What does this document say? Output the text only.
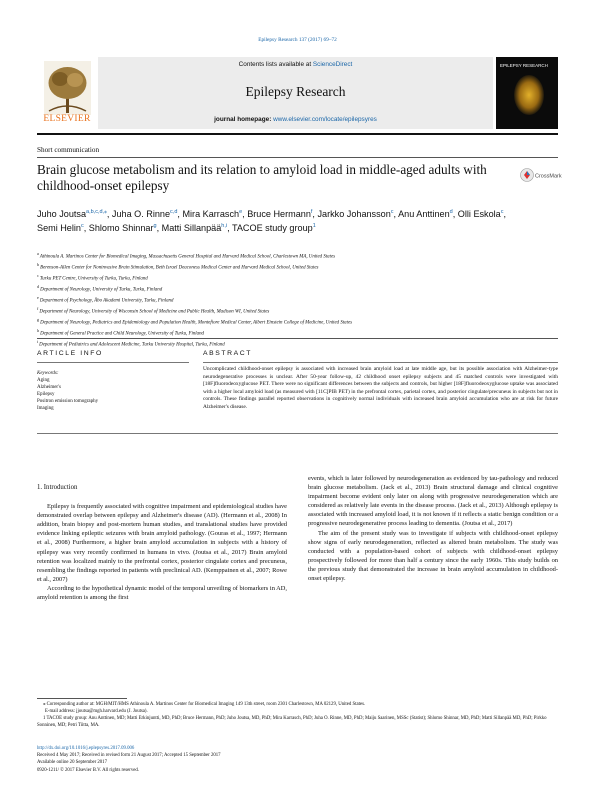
Epilepsy Research 137 (2017) 69–72
ELSEVIER
Contents lists available at ScienceDirect
Epilepsy Research
journal homepage: www.elsevier.com/locate/epilepsyres
EPILEPSY RESEARCH
Short communication
Brain glucose metabolism and its relation to amyloid load in middle-aged adults with childhood-onset epilepsy
CrossMark
Juho Joutsa$^{a,b,c,d,⁎}$, Juha O. Rinne$^{c,d}$, Mira Karrasch$^e$, Bruce Hermann$^f$, Jarkko Johansson$^c$, Anu Anttinen$^d$, Olli Eskola$^c$, Semi Helin$^c$, Shlomo Shinnar$^g$, Matti Sillanpää$^{h,i}$, TACOE study group$^1$
$^a$ Athinoula A. Martinos Center for Biomedical Imaging, Massachusetts General Hospital and Harvard Medical School, Charlestown MA, United States
$^b$ Berenson-Allen Center for Noninvasive Brain Stimulation, Beth Israel Deaconess Medical Center and Harvard Medical School, United States
$^c$ Turku PET Centre, University of Turku, Turku, Finland
$^d$ Department of Neurology, University of Turku, Turku, Finland
$^e$ Department of Psychology, Åbo Akademi University, Turku, Finland
$^f$ Department of Neurology, University of Wisconsin School of Medicine and Public Health, Madison WI, United States
$^g$ Department of Neurology, Pediatrics and Epidemiology and Population Health, Montefiore Medical Center, Albert Einstein College of Medicine, United States
$^h$ Department of General Practice and Child Neurology, University of Turku, Finland
$^i$ Department of Pediatrics and Adolescent Medicine, Turku University Hospital, Turku, Finland
ARTICLE INFO	ABSTRACT
Keywords:
Aging
Alzheimer's
Epilepsy
Positron emission tomography
Imaging
Uncomplicated childhood-onset epilepsy is associated with increased brain amyloid load at late middle age, but its possible association with Alzheimer-type neurodegenerative processes is unclear. After 50-year follow-up, 42 childhood onset epilepsy subjects and 45 matched controls were investigated with [18F]fluorodeoxyglucose PET. There were no significant differences between the subjects and controls, but higher [18F]fluorodeoxyglucose uptake was associated with a higher local amyloid load (as measured with [11C]PIB PET) in the prefrontal cortex, parietal cortex, and posterior cingulate/precuneus in subjects but not in controls. These findings parallel reported observations in cognitively normal individuals with increased brain amyloid accumulation who are at risk for future Alzheimer's disease.
1. Introduction

Epilepsy is frequently associated with cognitive impairment and epidemiological studies have demonstrated overlap between epilepsy and Alzheimer's disease (AD). (Hermann et al., 2008) In addition, brain biopsy and post-mortem human studies, and translational studies have provided evidence linking epileptic seizures with brain amyloid pathology. (Gouras et al., 1997; Hermann et al., 2008) Furthermore, a higher brain amyloid accumulation in subjects with a history of epilepsy was very recently confirmed in humans in vivo. (Joutsa et al., 2017) Brain amyloid retention was localized mainly to the prefrontal cortex, posterior cingulate cortex and precuneus, resembling the findings reported in patients with preclinical AD. (Kemppainen et al., 2007; Rowe et al., 2007)

According to the hypothetical dynamic model of the temporal unveiling of biomarkers in AD, amyloid retention is among the first

events, which is later followed by neurodegeneration as evidenced by tau-pathology and reduced brain glucose metabolism. (Jack et al., 2013) Brain structural damage and clinical cognitive impairment become evident only later on along with progressive neurodegeneration which are considered as relatively late events in the disease process. (Jack et al., 2013) Although epilepsy is associated with increased amyloid load, it is not known if it reflects a static benign condition or a progressive neurodegenerative process leading to dementia. (Joutsa et al., 2017)

The aim of the present study was to investigate if subjects with childhood-onset epilepsy show signs of early neurodegeneration, reflected as altered brain metabolism. The study was conducted with a population-based cohort of subjects with childhood-onset epilepsy prospectively followed for more than half a century since the early 1960s. This study builds on the previous study that demonstrated the increase in brain amyloid accumulation in childhood-onset epilepsy.

⁎ Corresponding author at: MGH/MIT/HMS Athinoula A. Martinos Center for Biomedical Imaging 149 13th street, room 2301 Charlestown, MA 02129, United States.

E-mail address: jjoutsa@mgh.harvard.edu (J. Joutsa).

1 TACOE study group: Anu Anttinen, MD; Matti Erkinjuntti, MD, PhD; Bruce Hermann, PhD; Juho Joutsa, MD, PhD; Mira Karrasch, PhD; Juha O. Rinne, MD, PhD; Maiju Saarinen, MSSc (Statist); Shlomo Shinnar, MD, PhD; Matti Sillanpää MD, PhD; Pirkko Sonninen, MD; Petri Tiitta, MA.

http://dx.doi.org/10.1016/j.eplepsyres.2017.09.006
Received 4 May 2017; Received in revised form 21 August 2017; Accepted 15 September 2017
Available online 20 September 2017
0920-1211/ © 2017 Elsevier B.V. All rights reserved.
